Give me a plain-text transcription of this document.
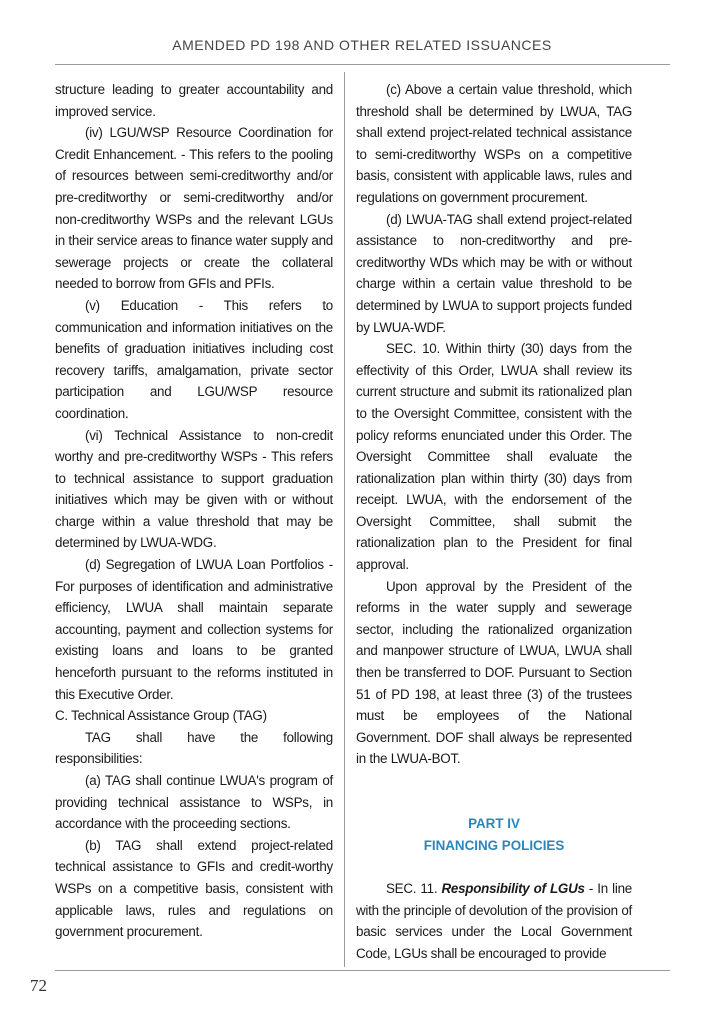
AMENDED PD 198 AND OTHER RELATED ISSUANCES

structure leading to greater accountability and improved service.

(iv) LGU/WSP Resource Coordination for Credit Enhancement. - This refers to the pooling of resources between semi-creditworthy and/or pre-creditworthy or semi-creditworthy and/or non-creditworthy WSPs and the relevant LGUs in their service areas to finance water supply and sewerage projects or create the collateral needed to borrow from GFIs and PFIs.

(v) Education - This refers to communication and information initiatives on the benefits of graduation initiatives including cost recovery tariffs, amalgamation, private sector participation and LGU/WSP resource coordination.

(vi) Technical Assistance to non-credit worthy and pre-creditworthy WSPs - This refers to technical assistance to support graduation initiatives which may be given with or without charge within a value threshold that may be determined by LWUA-WDG.

(d) Segregation of LWUA Loan Portfolios - For purposes of identification and administrative efficiency, LWUA shall maintain separate accounting, payment and collection systems for existing loans and loans to be granted henceforth pursuant to the reforms instituted in this Executive Order.

C. Technical Assistance Group (TAG)

TAG shall have the following responsibilities:

(a) TAG shall continue LWUA's program of providing technical assistance to WSPs, in accordance with the proceeding sections.

(b) TAG shall extend project-related technical assistance to GFIs and credit-worthy WSPs on a competitive basis, consistent with applicable laws, rules and regulations on government procurement.

(c) Above a certain value threshold, which threshold shall be determined by LWUA, TAG shall extend project-related technical assistance to semi-creditworthy WSPs on a competitive basis, consistent with applicable laws, rules and regulations on government procurement.

(d) LWUA-TAG shall extend project-related assistance to non-creditworthy and pre-creditworthy WDs which may be with or without charge within a certain value threshold to be determined by LWUA to support projects funded by LWUA-WDF.

SEC. 10. Within thirty (30) days from the effectivity of this Order, LWUA shall review its current structure and submit its rationalized plan to the Oversight Committee, consistent with the policy reforms enunciated under this Order. The Oversight Committee shall evaluate the rationalization plan within thirty (30) days from receipt. LWUA, with the endorsement of the Oversight Committee, shall submit the rationalization plan to the President for final approval.

Upon approval by the President of the reforms in the water supply and sewerage sector, including the rationalized organization and manpower structure of LWUA, LWUA shall then be transferred to DOF. Pursuant to Section 51 of PD 198, at least three (3) of the trustees must be employees of the National Government. DOF shall always be represented in the LWUA-BOT.

PART IV

FINANCING POLICIES

SEC. 11. Responsibility of LGUs - In line with the principle of devolution of the provision of basic services under the Local Government Code, LGUs shall be encouraged to provide

72
